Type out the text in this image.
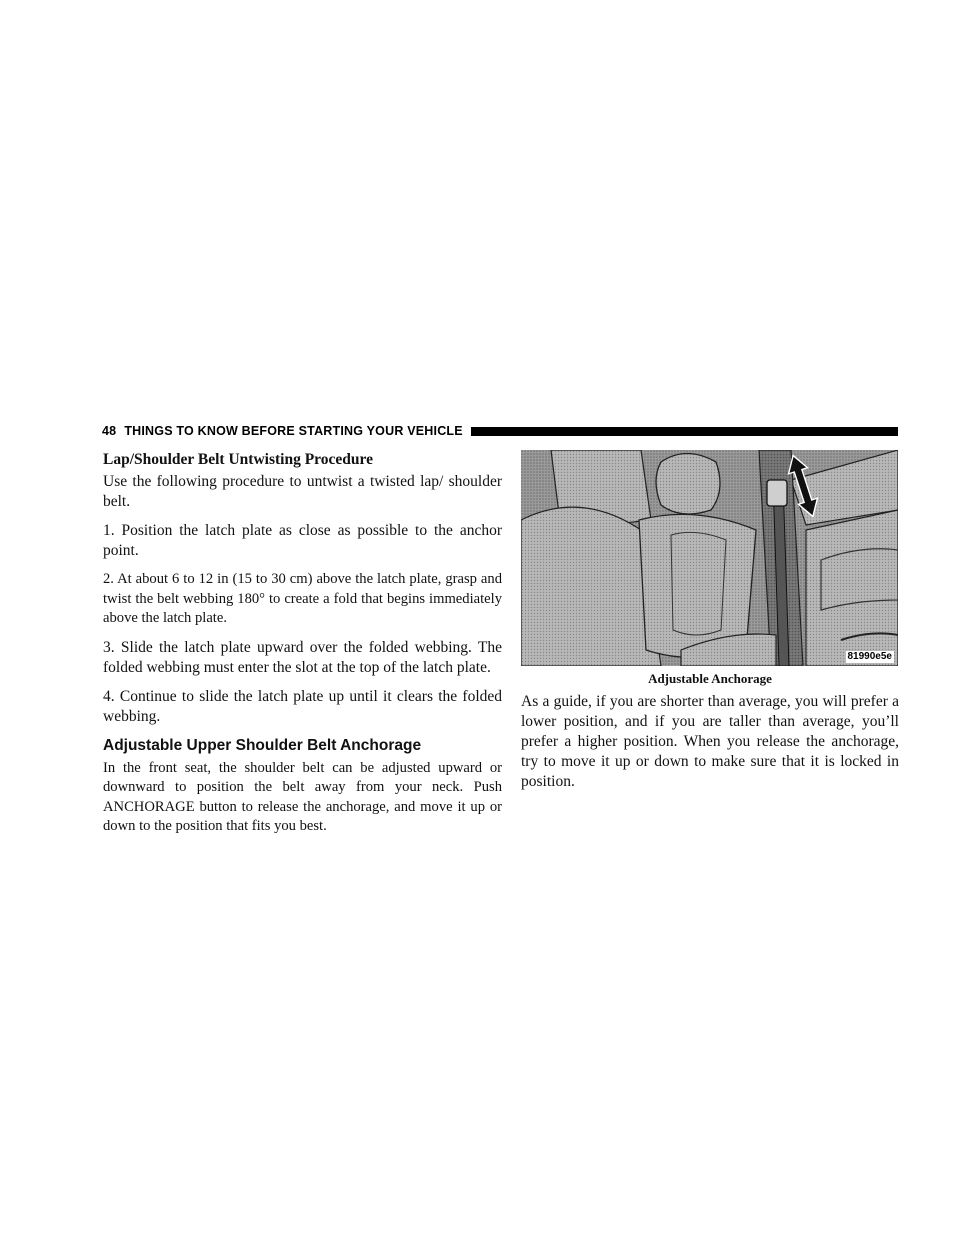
48 THINGS TO KNOW BEFORE STARTING YOUR VEHICLE
Lap/Shoulder Belt Untwisting Procedure

Use the following procedure to untwist a twisted lap/ shoulder belt.

1. Position the latch plate as close as possible to the anchor point.

2. At about 6 to 12 in (15 to 30 cm) above the latch plate, grasp and twist the belt webbing 180° to create a fold that begins immediately above the latch plate.

3. Slide the latch plate upward over the folded webbing. The folded webbing must enter the slot at the top of the latch plate.

4. Continue to slide the latch plate up until it clears the folded webbing.

Adjustable Upper Shoulder Belt Anchorage

In the front seat, the shoulder belt can be adjusted upward or downward to position the belt away from your neck. Push ANCHORAGE button to release the anchorage, and move it up or down to the position that fits you best.

81990e5e
Adjustable Anchorage

As a guide, if you are shorter than average, you will prefer a lower position, and if you are taller than average, you’ll prefer a higher position. When you release the anchorage, try to move it up or down to make sure that it is locked in position.
